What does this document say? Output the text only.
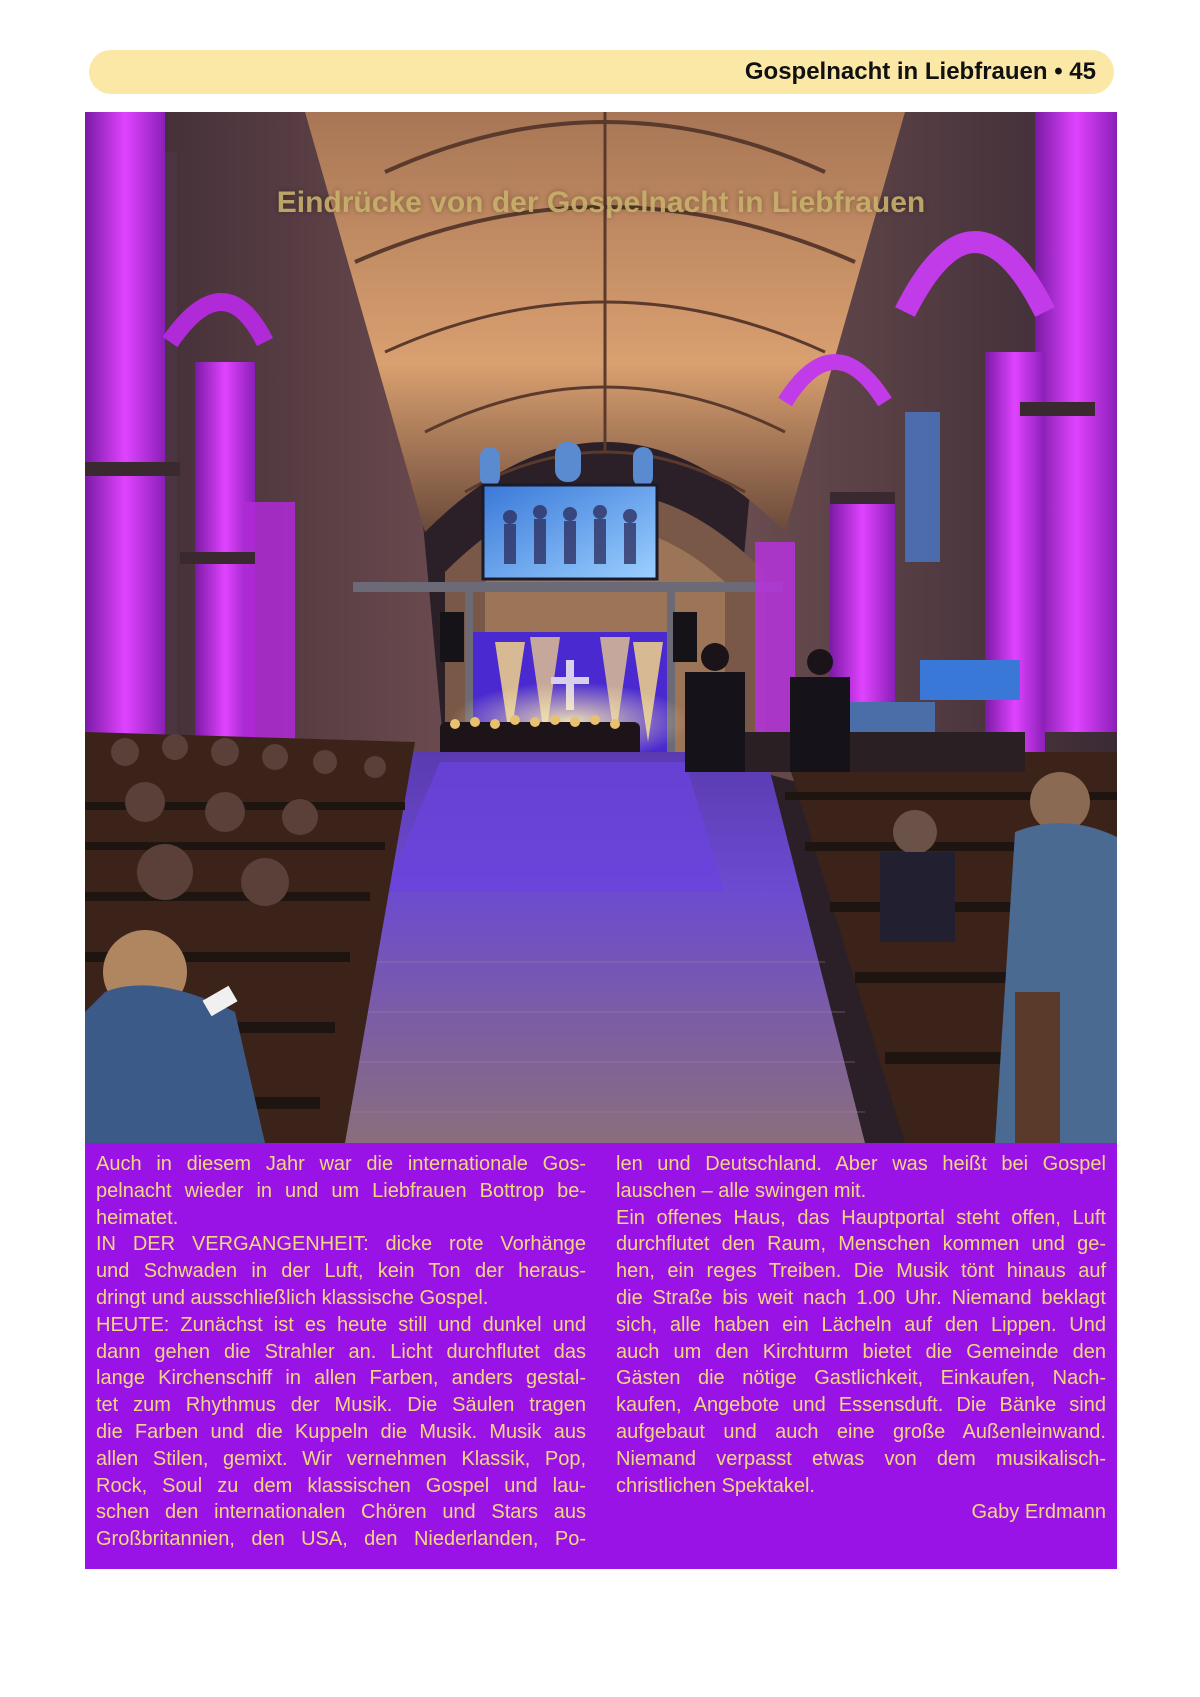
Gospelnacht in Liebfrauen • 45
Eindrücke von der Gospelnacht in Liebfrauen
Auch in diesem Jahr war die internationale Gos-
pelnacht wieder in und um Liebfrauen Bottrop be-
heimatet.
IN DER VERGANGENHEIT: dicke rote Vorhänge
und Schwaden in der Luft, kein Ton der heraus-
dringt und ausschließlich klassische Gospel.
HEUTE: Zunächst ist es heute still und dunkel und
dann gehen die Strahler an. Licht durchflutet das
lange Kirchenschiff in allen Farben, anders gestal-
tet zum Rhythmus der Musik. Die Säulen tragen
die Farben und die Kuppeln die Musik. Musik aus
allen Stilen, gemixt. Wir vernehmen Klassik, Pop,
Rock, Soul zu dem klassischen Gospel und lau-
schen den internationalen Chören und Stars aus
Großbritannien, den USA, den Niederlanden, Po-
len und Deutschland. Aber was heißt bei Gospel
lauschen – alle swingen mit.
Ein offenes Haus, das Hauptportal steht offen, Luft
durchflutet den Raum, Menschen kommen und ge-
hen, ein reges Treiben. Die Musik tönt hinaus auf
die Straße bis weit nach 1.00 Uhr. Niemand beklagt
sich, alle haben ein Lächeln auf den Lippen. Und
auch um den Kirchturm bietet die Gemeinde den
Gästen die nötige Gastlichkeit, Einkaufen, Nach-
kaufen, Angebote und Essensduft. Die Bänke sind
aufgebaut und auch eine große Außenleinwand.
Niemand verpasst etwas von dem musikalisch-
christlichen Spektakel.
Gaby Erdmann
